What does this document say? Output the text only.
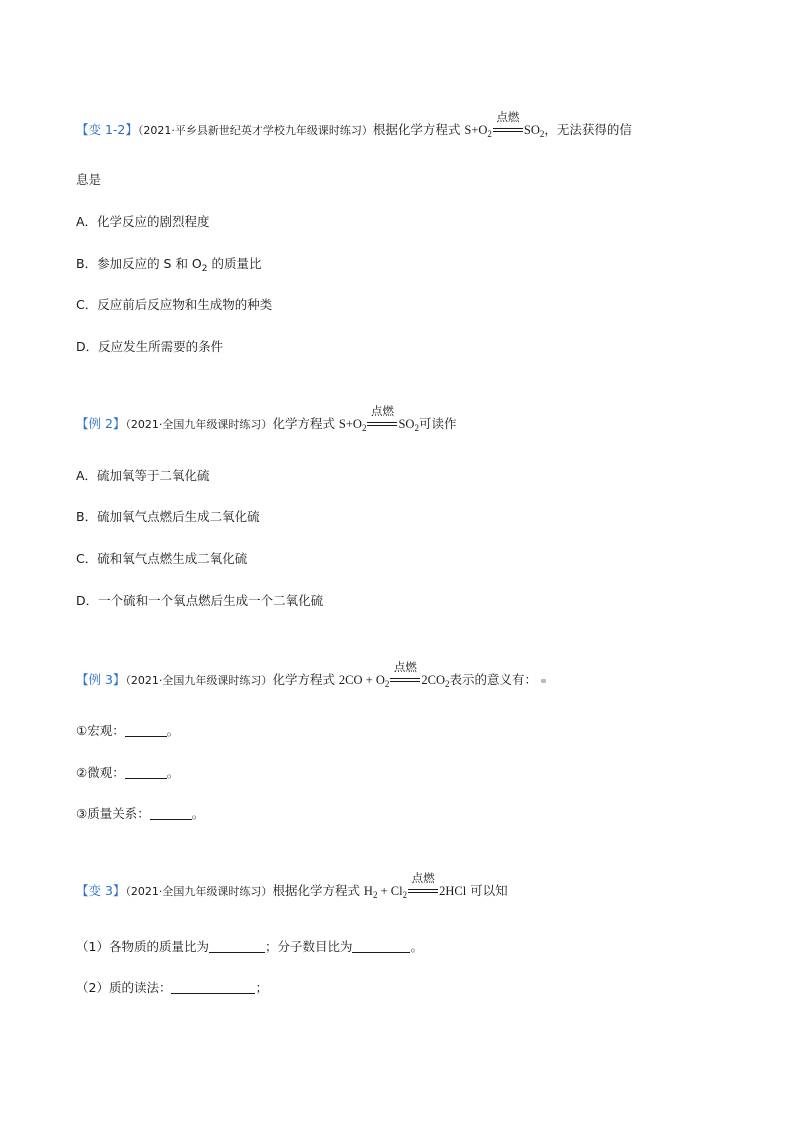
【变 1-2】（2021·平乡县新世纪英才学校九年级课时练习）根据化学方程式 $S+O_2$
点燃
$SO_2$，无法获得的信
息是
A．化学反应的剧烈程度
B．参加反应的 S 和 $O_2$ 的质量比
C．反应前后反应物和生成物的种类
D．反应发生所需要的条件
【例 2】（2021·全国九年级课时练习）化学方程式 $S+O_2$
点燃
$SO_2$可读作
A．硫加氧等于二氧化硫
B．硫加氧气点燃后生成二氧化硫
C．硫和氧气点燃生成二氧化硫
D．一个硫和一个氧点燃后生成一个二氧化硫
【例 3】（2021·全国九年级课时练习）化学方程式 $2CO + O_2$
点燃
$2CO_2$表示的意义有：
①宏观：	。
②微观：	。
③质量关系：	。
【变 3】（2021·全国九年级课时练习）根据化学方程式 $H_2 + Cl_2$
点燃
2HCl 可以知
（1）各物质的质量比为	；分子数目比为	。
（2）质的读法：	；
